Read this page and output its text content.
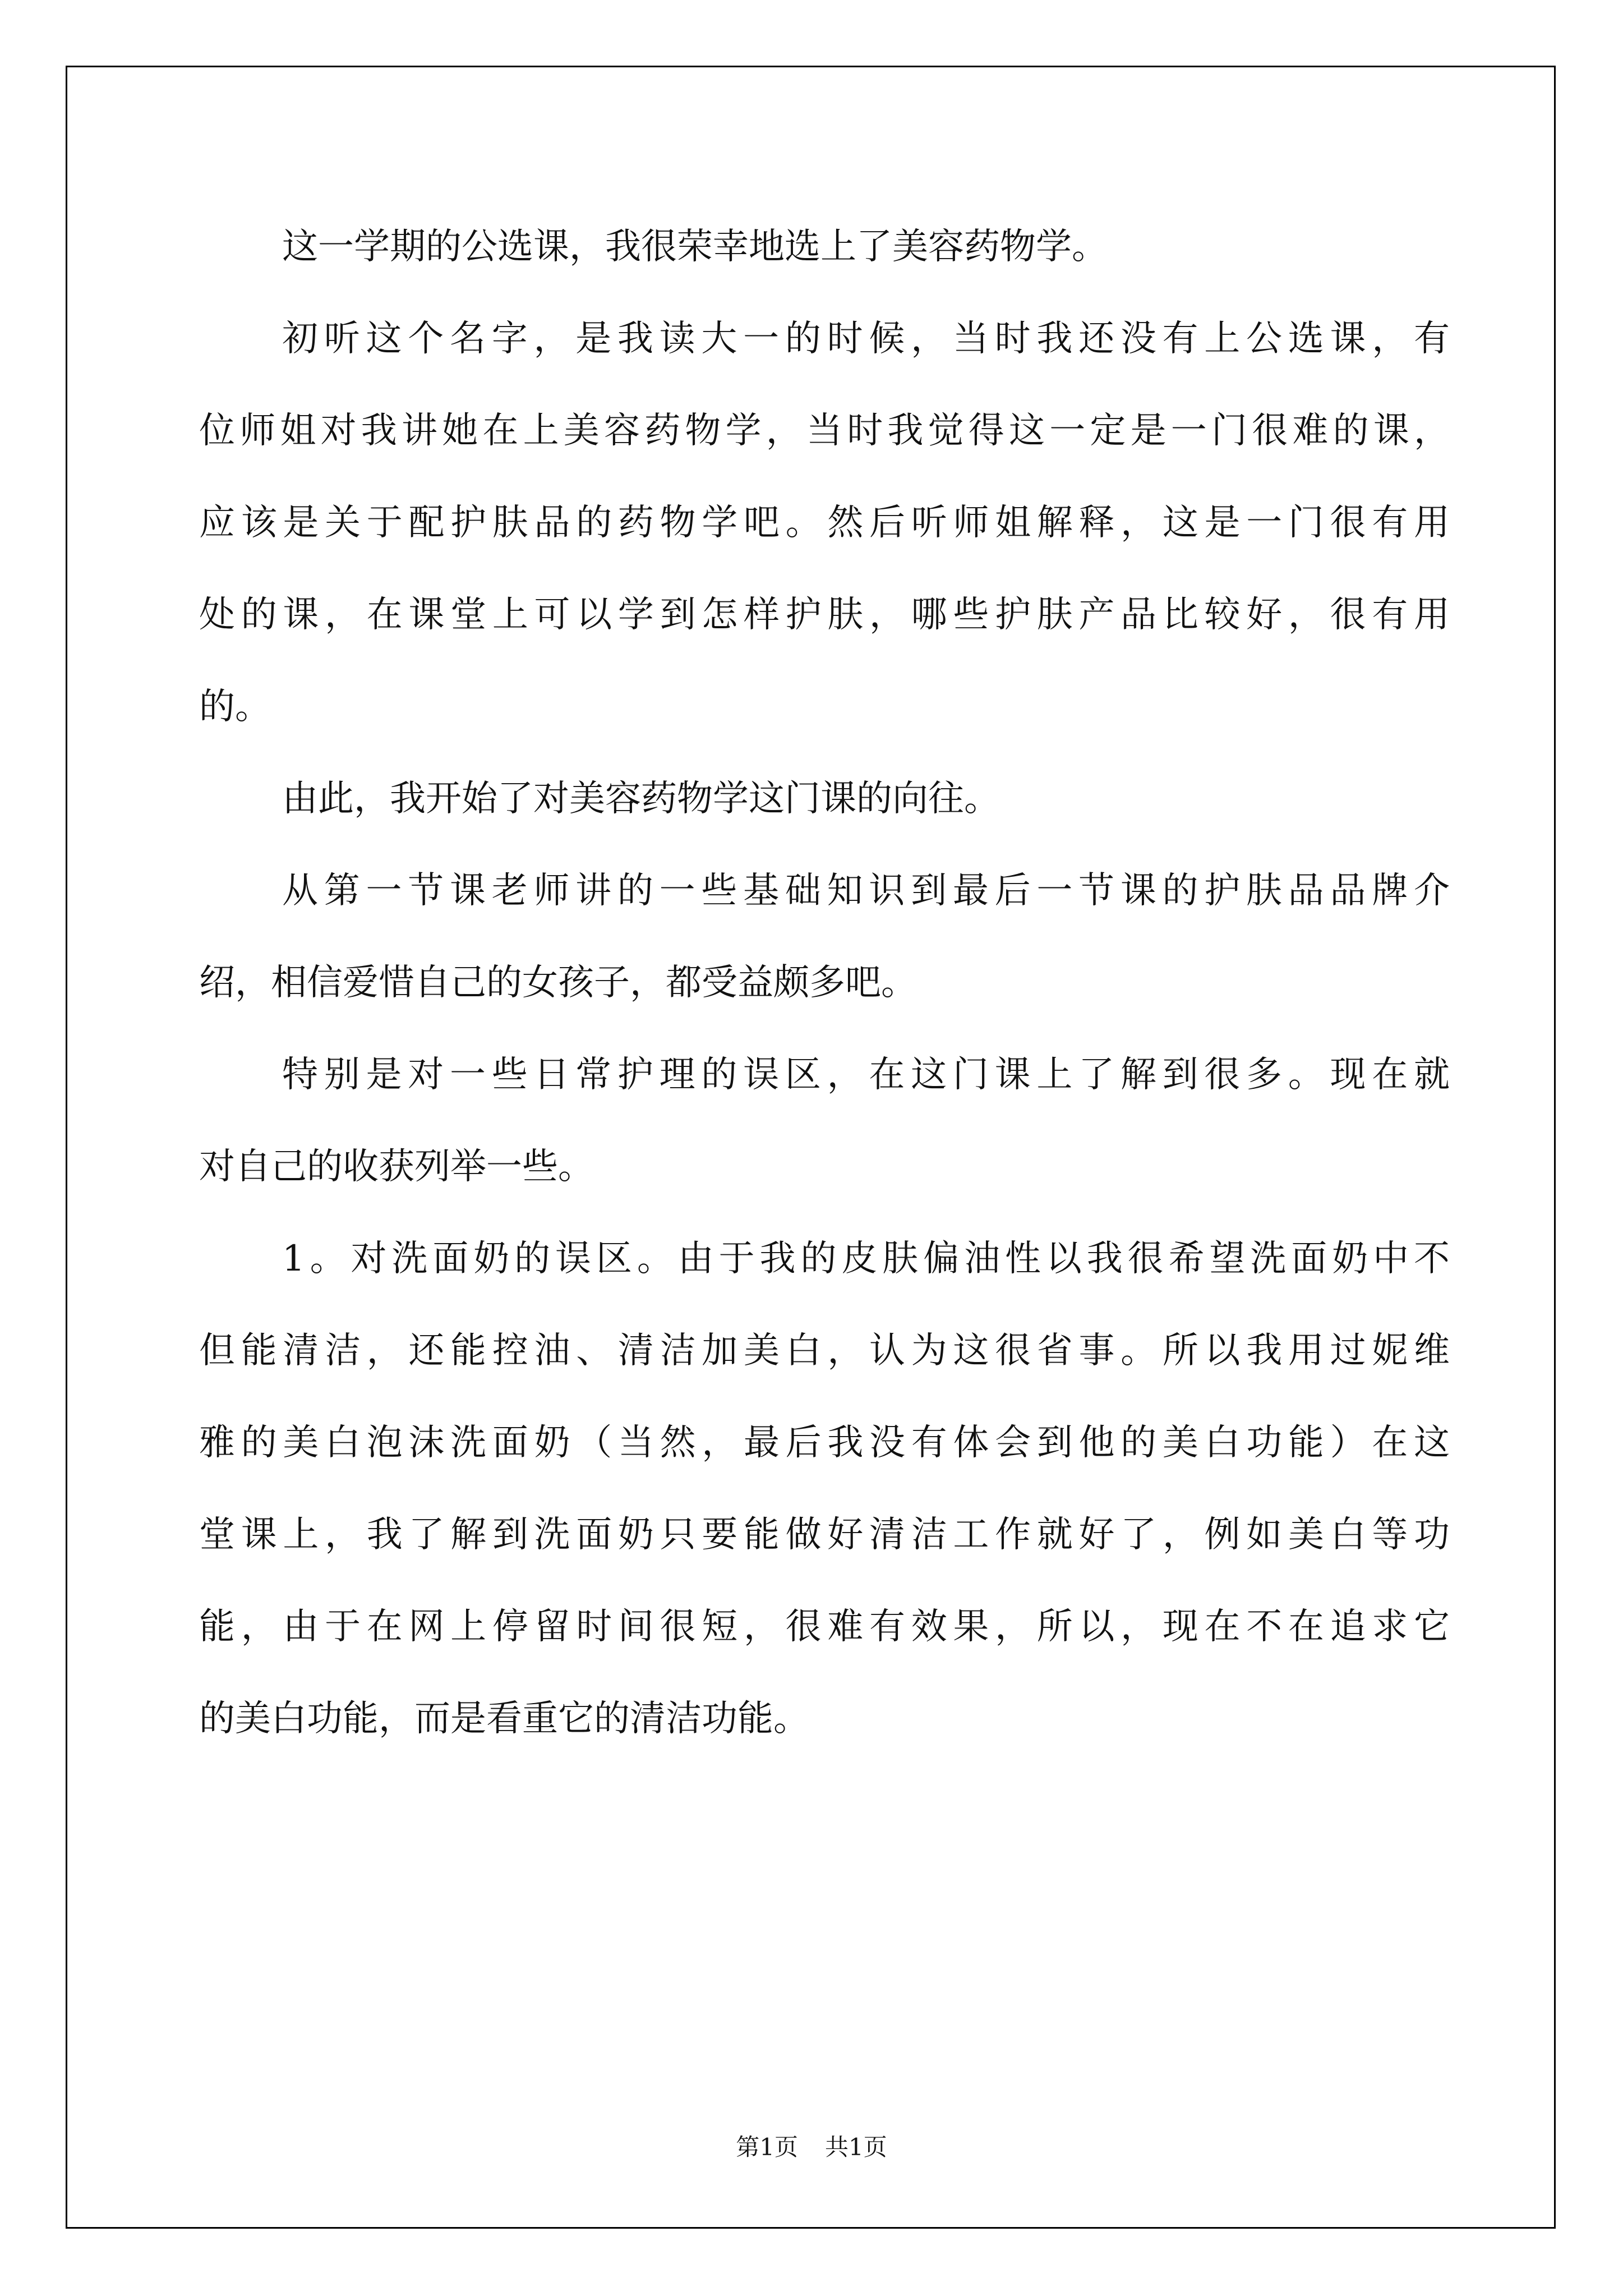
这一学期的公选课，我很荣幸地选上了美容药物学。
初听这个名字，是我读大一的时候，当时我还没有上公选课，有
位师姐对我讲她在上美容药物学，当时我觉得这一定是一门很难的课，
应该是关于配护肤品的药物学吧。然后听师姐解释，这是一门很有用
处的课，在课堂上可以学到怎样护肤，哪些护肤产品比较好，很有用
的。
由此，我开始了对美容药物学这门课的向往。
从第一节课老师讲的一些基础知识到最后一节课的护肤品品牌介
绍，相信爱惜自己的女孩子，都受益颇多吧。
特别是对一些日常护理的误区，在这门课上了解到很多。现在就
对自己的收获列举一些。
1。对洗面奶的误区。由于我的皮肤偏油性以我很希望洗面奶中不
但能清洁，还能控油、清洁加美白，认为这很省事。所以我用过妮维
雅的美白泡沫洗面奶（当然，最后我没有体会到他的美白功能）在这
堂课上，我了解到洗面奶只要能做好清洁工作就好了，例如美白等功
能，由于在网上停留时间很短，很难有效果，所以，现在不在追求它
的美白功能，而是看重它的清洁功能。
第1页 共1页
